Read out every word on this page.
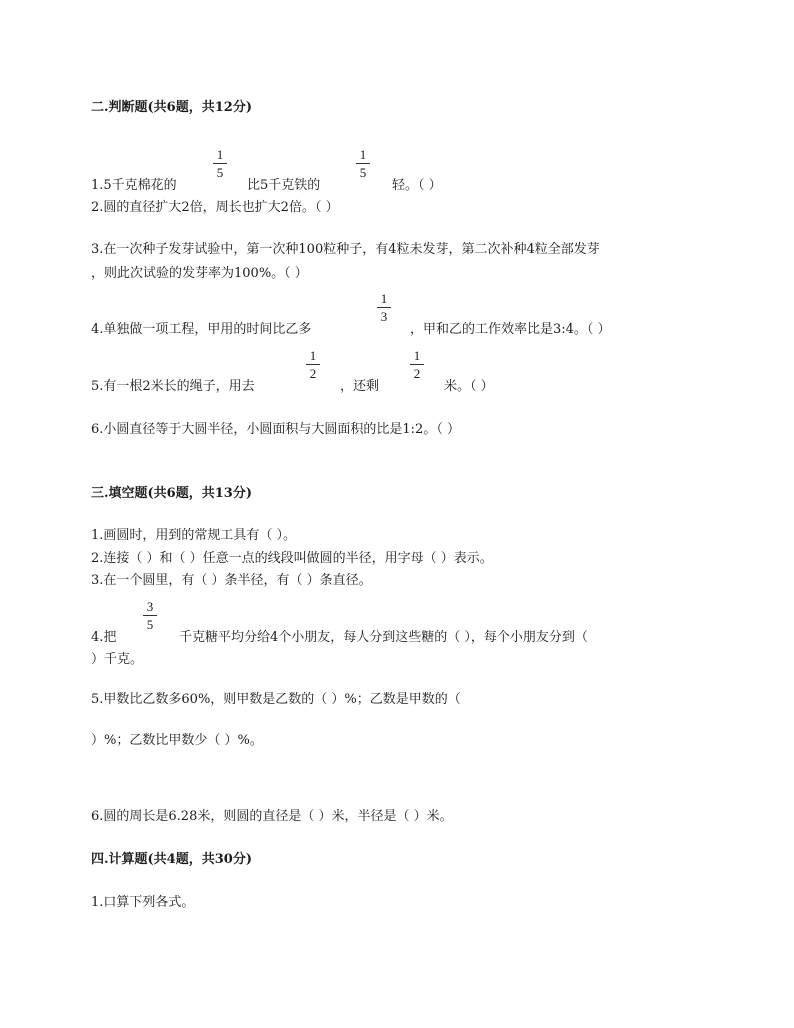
二.判断题(共6题，共12分)
1.5千克棉花的
1
5
比5千克铁的
1
5
轻。（ ）
2.圆的直径扩大2倍，周长也扩大2倍。（ ）
3.在一次种子发芽试验中，第一次种100粒种子，有4粒未发芽，第二次补种4粒全部发芽
，则此次试验的发芽率为100%。（ ）
4.单独做一项工程，甲用的时间比乙多
1
3
，甲和乙的工作效率比是3:4。（ ）
5.有一根2米长的绳子，用去
1
2
，还剩
1
2
米。（ ）
6.小圆直径等于大圆半径，小圆面积与大圆面积的比是1:2。（ ）
三.填空题(共6题，共13分)
1.画圆时，用到的常规工具有（ ）。
2.连接（ ）和（ ）任意一点的线段叫做圆的半径，用字母（ ）表示。
3.在一个圆里，有（ ）条半径，有（ ）条直径。
4.把
3
5
千克糖平均分给4个小朋友，每人分到这些糖的（ ），每个小朋友分到（
）千克。
5.甲数比乙数多60%，则甲数是乙数的（ ）%；乙数是甲数的（
）%；乙数比甲数少（ ）%。
6.圆的周长是6.28米，则圆的直径是（ ）米，半径是（ ）米。
四.计算题(共4题，共30分)
1.口算下列各式。
